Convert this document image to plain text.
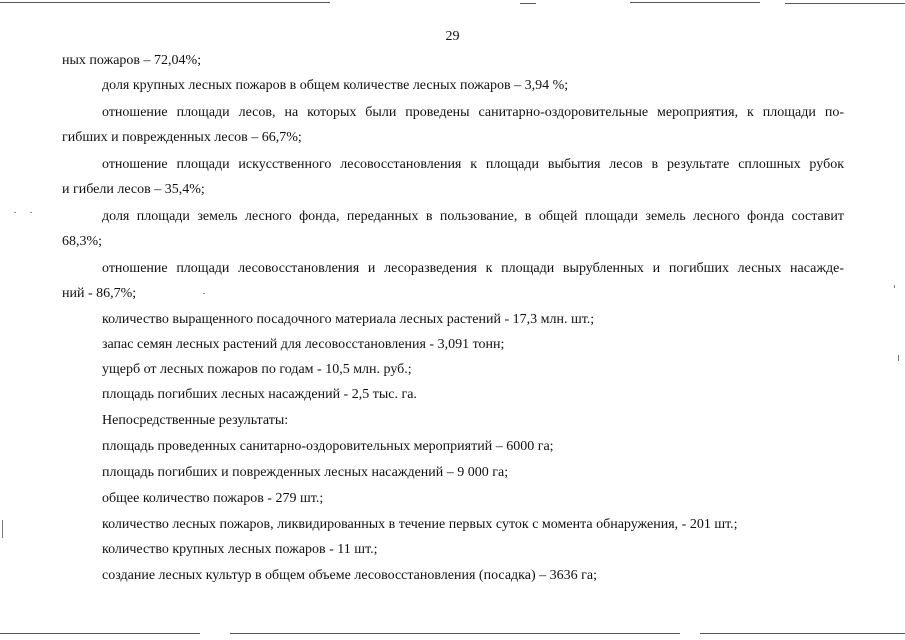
29
ных пожаров – 72,04%;
доля крупных лесных пожаров в общем количестве лесных пожаров – 3,94 %;
отношение площади лесов, на которых были проведены санитарно-оздоровительные мероприятия, к площади по-
гибших и поврежденных лесов – 66,7%;
отношение площади искусственного лесовосстановления к площади выбытия лесов в результате сплошных рубок
и гибели лесов – 35,4%;
доля площади земель лесного фонда, переданных в пользование, в общей площади земель лесного фонда составит
68,3%;
отношение площади лесовосстановления и лесоразведения к площади вырубленных и погибших лесных насажде-
ний - 86,7%;
количество выращенного посадочного материала лесных растений - 17,3 млн. шт.;
запас семян лесных растений для лесовосстановления - 3,091 тонн;
ущерб от лесных пожаров по годам - 10,5 млн. руб.;
площадь погибших лесных насаждений - 2,5 тыс. га.
Непосредственные результаты:
площадь проведенных санитарно-оздоровительных мероприятий – 6000 га;
площадь погибших и поврежденных лесных насаждений – 9 000 га;
общее количество пожаров - 279 шт.;
количество лесных пожаров, ликвидированных в течение первых суток с момента обнаружения, - 201 шт.;
количество крупных лесных пожаров - 11 шт.;
создание лесных культур в общем объеме лесовосстановления (посадка) – 3636 га;
